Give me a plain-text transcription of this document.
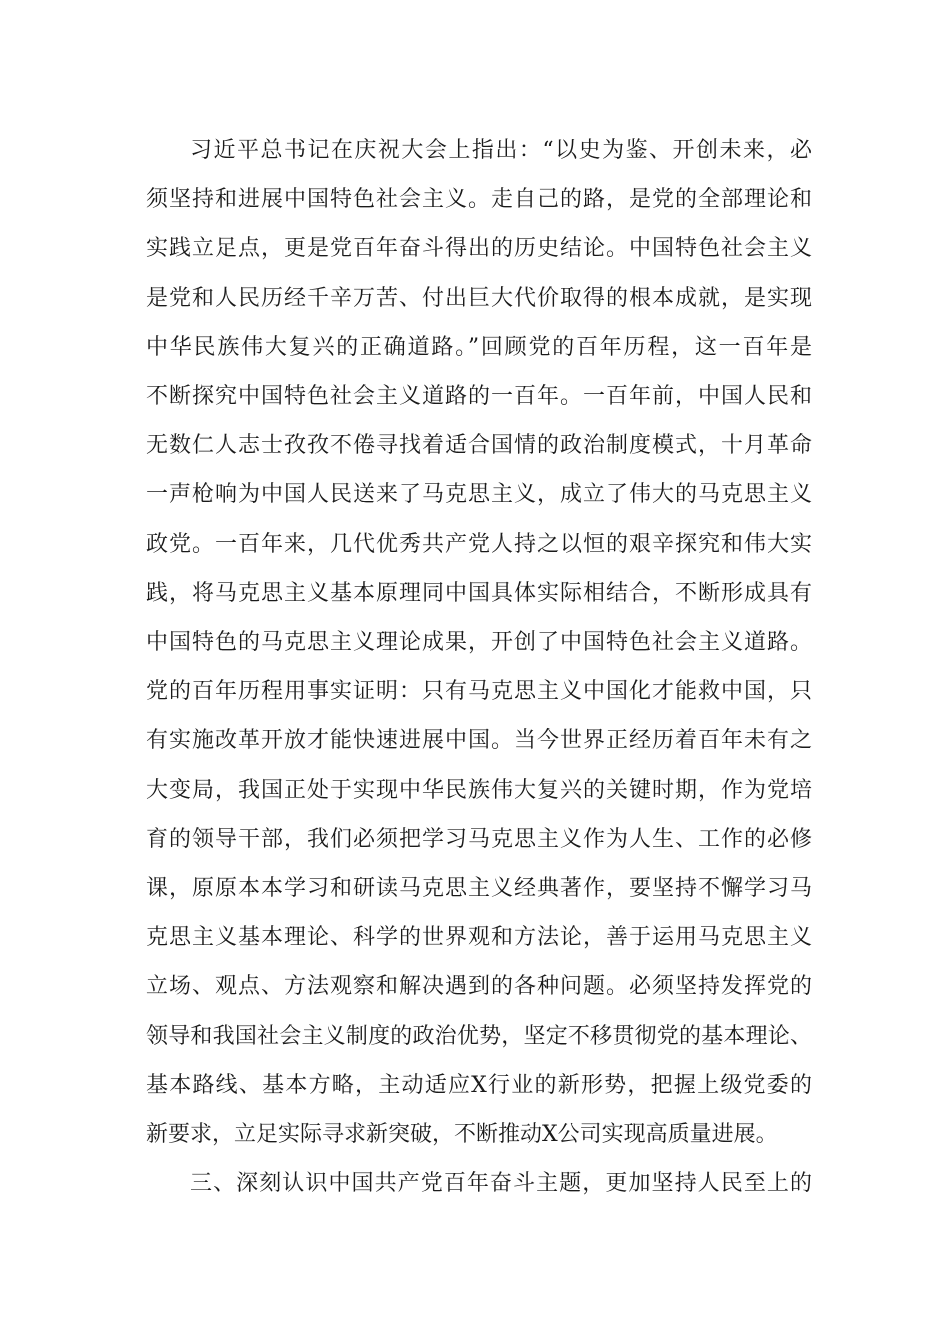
习近平总书记在庆祝大会上指出：“以史为鉴、开创未来，必
须坚持和进展中国特色社会主义。走自己的路，是党的全部理论和
实践立足点，更是党百年奋斗得出的历史结论。中国特色社会主义
是党和人民历经千辛万苦、付出巨大代价取得的根本成就，是实现
中华民族伟大复兴的正确道路。”回顾党的百年历程，这一百年是
不断探究中国特色社会主义道路的一百年。一百年前，中国人民和
无数仁人志士孜孜不倦寻找着适合国情的政治制度模式，十月革命
一声枪响为中国人民送来了马克思主义，成立了伟大的马克思主义
政党。一百年来，几代优秀共产党人持之以恒的艰辛探究和伟大实
践，将马克思主义基本原理同中国具体实际相结合，不断形成具有
中国特色的马克思主义理论成果，开创了中国特色社会主义道路。
党的百年历程用事实证明：只有马克思主义中国化才能救中国，只
有实施改革开放才能快速进展中国。当今世界正经历着百年未有之
大变局，我国正处于实现中华民族伟大复兴的关键时期，作为党培
育的领导干部，我们必须把学习马克思主义作为人生、工作的必修
课，原原本本学习和研读马克思主义经典著作，要坚持不懈学习马
克思主义基本理论、科学的世界观和方法论，善于运用马克思主义
立场、观点、方法观察和解决遇到的各种问题。必须坚持发挥党的
领导和我国社会主义制度的政治优势，坚定不移贯彻党的基本理论、
基本路线、基本方略，主动适应X行业的新形势，把握上级党委的
新要求，立足实际寻求新突破，不断推动X公司实现高质量进展。
三、深刻认识中国共产党百年奋斗主题，更加坚持人民至上的
